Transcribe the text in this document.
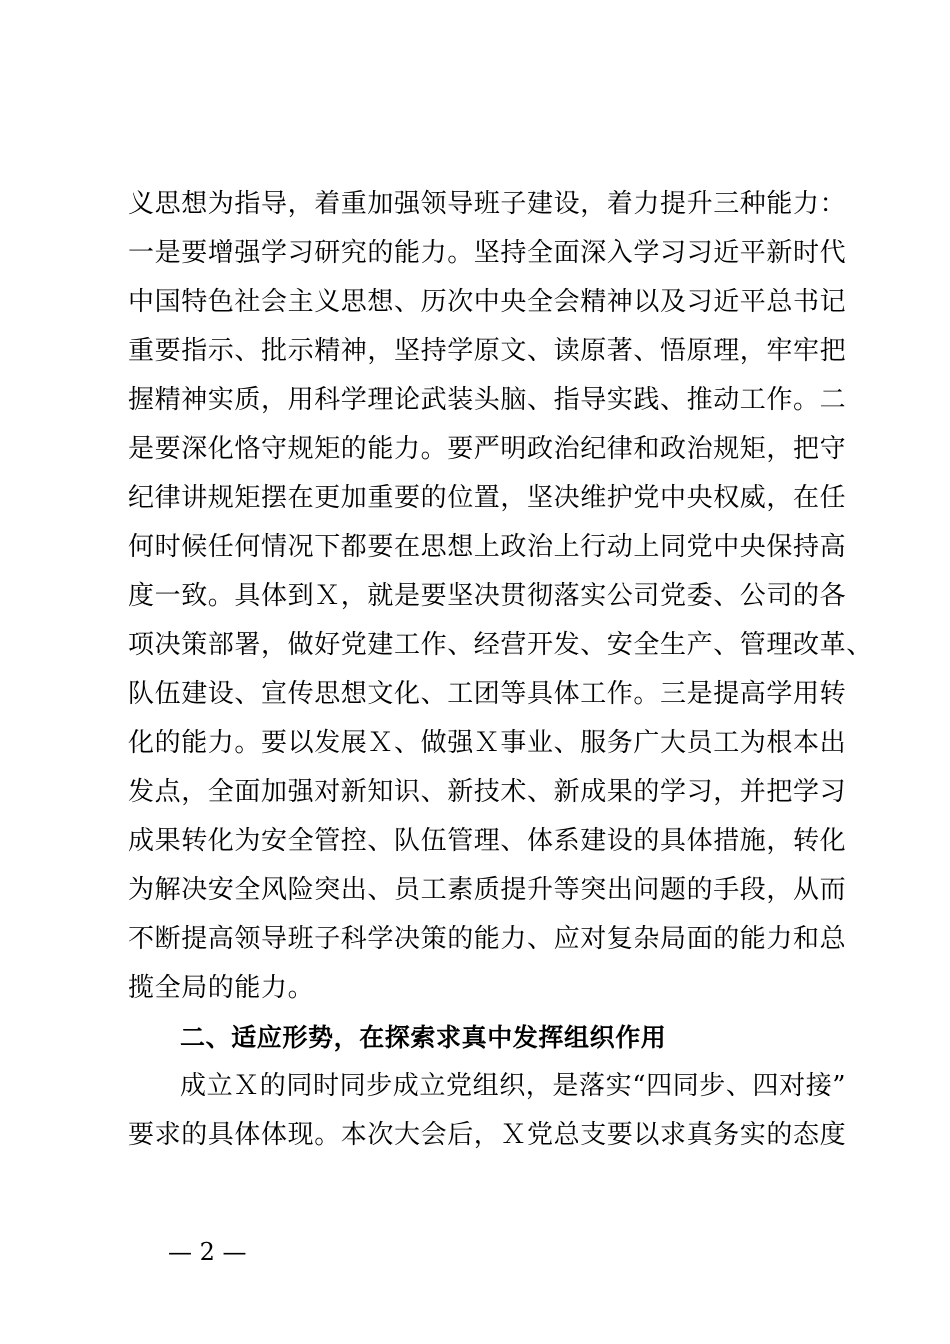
义思想为指导，着重加强领导班子建设，着力提升三种能力：
一是要增强学习研究的能力。坚持全面深入学习习近平新时代
中国特色社会主义思想、历次中央全会精神以及习近平总书记
重要指示、批示精神，坚持学原文、读原著、悟原理，牢牢把
握精神实质，用科学理论武装头脑、指导实践、推动工作。二
是要深化恪守规矩的能力。要严明政治纪律和政治规矩，把守
纪律讲规矩摆在更加重要的位置，坚决维护党中央权威，在任
何时候任何情况下都要在思想上政治上行动上同党中央保持高
度一致。具体到Ｘ，就是要坚决贯彻落实公司党委、公司的各
项决策部署，做好党建工作、经营开发、安全生产、管理改革、
队伍建设、宣传思想文化、工团等具体工作。三是提高学用转
化的能力。要以发展Ｘ、做强Ｘ事业、服务广大员工为根本出
发点，全面加强对新知识、新技术、新成果的学习，并把学习
成果转化为安全管控、队伍管理、体系建设的具体措施，转化
为解决安全风险突出、员工素质提升等突出问题的手段，从而
不断提高领导班子科学决策的能力、应对复杂局面的能力和总
揽全局的能力。
二、适应形势，在探索求真中发挥组织作用
成立Ｘ的同时同步成立党组织，是落实“四同步、四对接”
要求的具体体现。本次大会后，Ｘ党总支要以求真务实的态度
— 2 —
